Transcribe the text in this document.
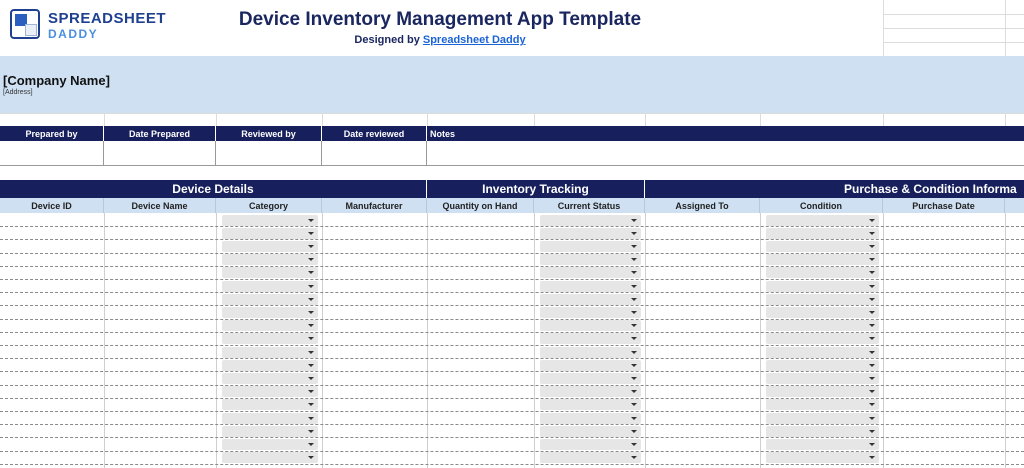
SPREADSHEET
DADDY
Device Inventory Management App Template
Designed by Spreadsheet Daddy
[Company Name]
[Address]
Prepared by	Date Prepared	Reviewed by	Date reviewed	Notes
Device Details	Inventory Tracking	Purchase & Condition Informa
Device ID	Device Name	Category	Manufacturer	Quantity on Hand	Current Status	Assigned To	Condition	Purchase Date
